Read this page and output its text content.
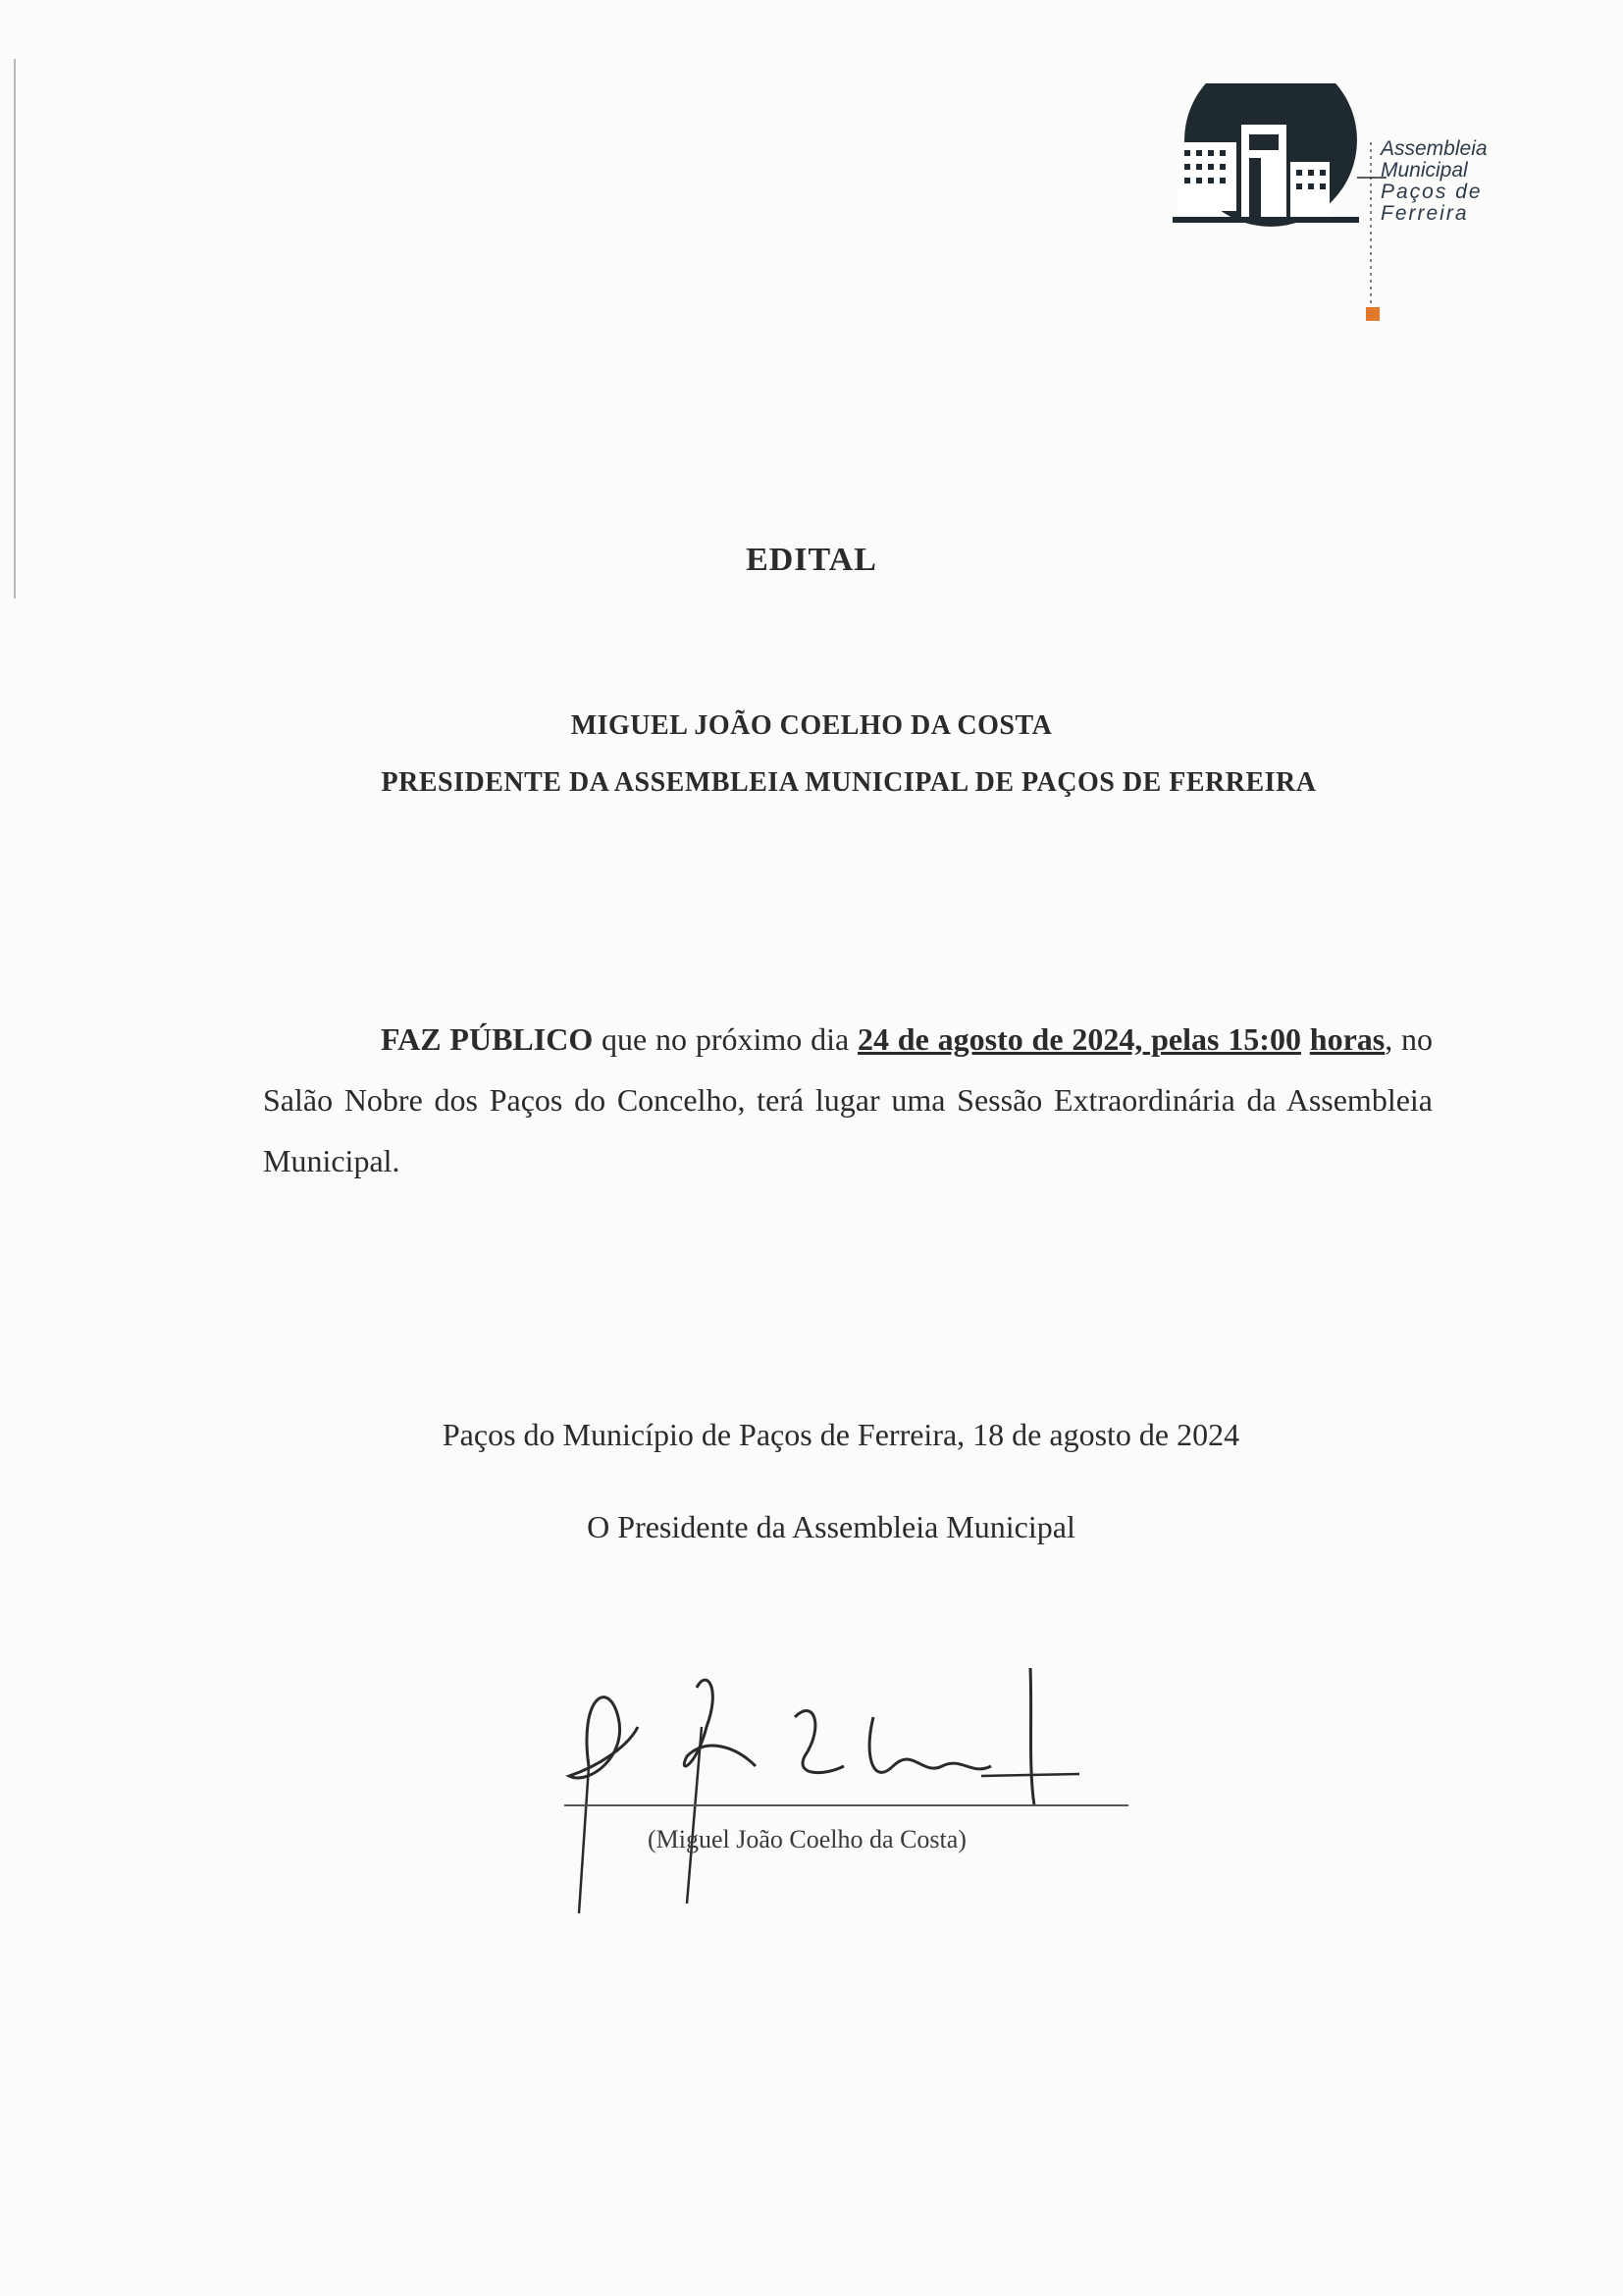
Assembleia Municipal
Paços de Ferreira
EDITAL
MIGUEL JOÃO COELHO DA COSTA
PRESIDENTE DA ASSEMBLEIA MUNICIPAL DE PAÇOS DE FERREIRA
FAZ PÚBLICO que no próximo dia 24 de agosto de 2024, pelas 15:00 horas, no Salão Nobre dos Paços do Concelho, terá lugar uma Sessão Extraordinária da Assembleia Municipal.
Paços do Município de Paços de Ferreira, 18 de agosto de 2024
O Presidente da Assembleia Municipal
(Miguel João Coelho da Costa)
